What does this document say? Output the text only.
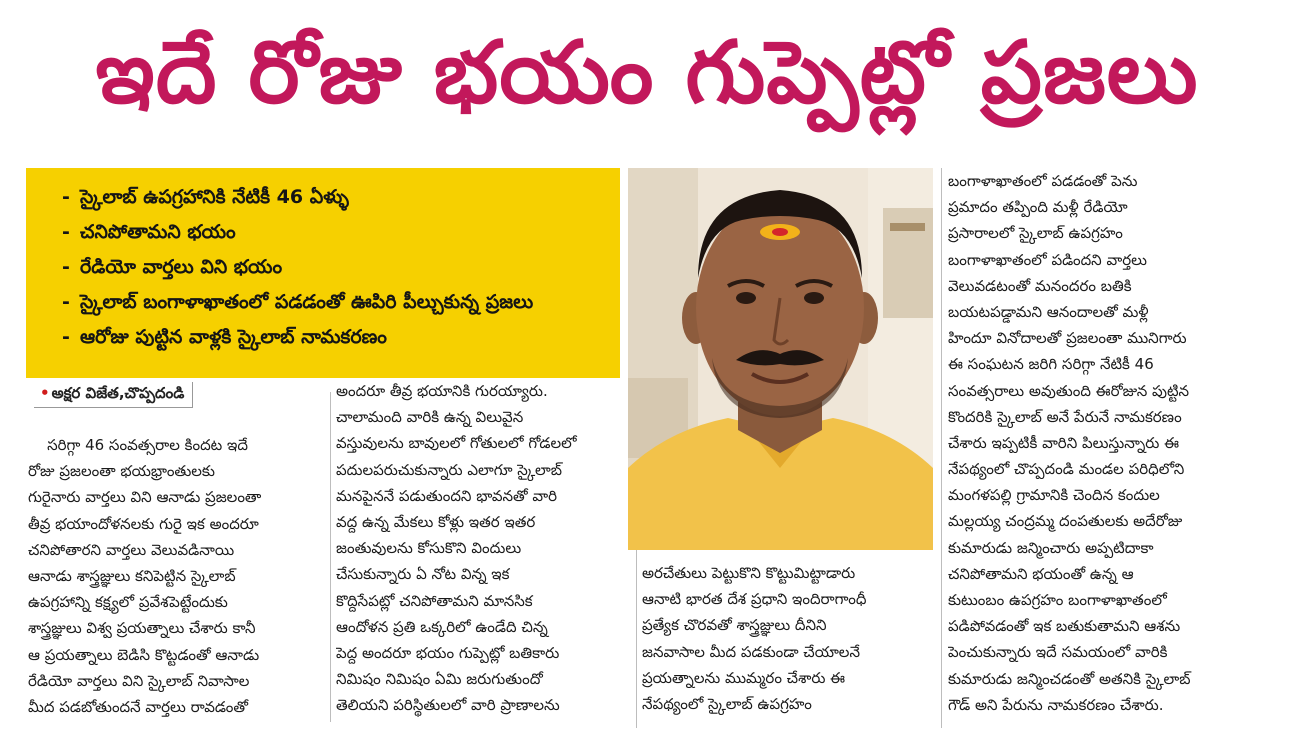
ఇదే రోజు భయం గుప్పెట్లో ప్రజలు
- స్కైలాబ్ ఉపగ్రహానికి నేటికీ 46 ఏళ్ళు
- చనిపోతామని భయం
- రేడియో వార్తలు విని భయం
- స్కైలాబ్ బంగాళాఖాతంలో పడడంతో ఊపిరి పీల్చుకున్న ప్రజలు
- ఆరోజు పుట్టిన వాళ్లకి స్కైలాబ్ నామకరణం
• అక్షర విజేత,చొప్పదండి

సరిగ్గా 46 సంవత్సరాల కిందట ఇదే

రోజు ప్రజలంతా భయభ్రాంతులకు

గురైనారు వార్తలు విని ఆనాడు ప్రజలంతా

తీవ్ర భయాందోళనలకు గురై ఇక అందరూ

చనిపోతారని వార్తలు వెలువడినాయి

ఆనాడు శాస్త్రజ్ఞులు కనిపెట్టిన స్కైలాబ్

ఉపగ్రహాన్ని కక్ష్యలో ప్రవేశపెట్టేందుకు

శాస్త్రజ్ఞులు విశ్వ ప్రయత్నాలు చేశారు కానీ

ఆ ప్రయత్నాలు బెడిసి కొట్టడంతో ఆనాడు

రేడియో వార్తలు విని స్కైలాబ్ నివాసాల

మీద పడబోతుందనే వార్తలు రావడంతో

అందరూ తీవ్ర భయానికి గురయ్యారు.

చాలామంది వారికి ఉన్న విలువైన

వస్తువులను బావులలో గోతులలో గోడలలో

పదులపరుచుకున్నారు ఎలాగూ స్కైలాబ్

మనపైననే పడుతుందని భావనతో వారి

వద్ద ఉన్న మేకలు కోళ్లు ఇతర ఇతర

జంతువులను కోసుకొని విందులు

చేసుకున్నారు ఏ నోట విన్న ఇక

కొద్దిసేపట్లో చనిపోతామని మానసిక

ఆందోళన ప్రతి ఒక్కరిలో ఉండేది చిన్న

పెద్ద అందరూ భయం గుప్పెట్లో బతికారు

నిమిషం నిమిషం ఏమి జరుగుతుందో

తెలియని పరిస్థితులలో వారి ప్రాణాలను

అరచేతులు పెట్టుకొని కొట్టుమిట్టాడారు

ఆనాటి భారత దేశ ప్రధాని ఇందిరాగాంధీ

ప్రత్యేక చొరవతో శాస్త్రజ్ఞులు దీనిని

జనవాసాల మీద పడకుండా చేయాలనే

ప్రయత్నాలను ముమ్మరం చేశారు ఈ

నేపథ్యంలో స్కైలాబ్ ఉపగ్రహం

బంగాళాఖాతంలో పడడంతో పెను

ప్రమాదం తప్పింది మళ్లీ రేడియో

ప్రసారాలలో స్కైలాబ్ ఉపగ్రహం

బంగాళాఖాతంలో పడిందని వార్తలు

వెలువడటంతో మనందరం బతికి

బయటపడ్డామని ఆనందాలతో మళ్లీ

హిందూ వినోదాలతో ప్రజలంతా మునిగారు

ఈ సంఘటన జరిగి సరిగ్గా నేటికీ 46

సంవత్సరాలు అవుతుంది ఈరోజున పుట్టిన

కొందరికి స్కైలాబ్ అనే పేరునే నామకరణం

చేశారు ఇప్పటికీ వారిని పిలుస్తున్నారు ఈ

నేపథ్యంలో చొప్పదండి మండల పరిధిలోని

మంగళపల్లి గ్రామానికి చెందిన కందుల

మల్లయ్య చంద్రమ్మ దంపతులకు అదేరోజు

కుమారుడు జన్మించారు అప్పటిదాకా

చనిపోతామని భయంతో ఉన్న ఆ

కుటుంబం ఉపగ్రహం బంగాళాఖాతంలో

పడిపోవడంతో ఇక బతుకుతామని ఆశను

పెంచుకున్నారు ఇదే సమయంలో వారికి

కుమారుడు జన్మించడంతో అతనికి స్కైలాబ్

గౌడ్ అని పేరును నామకరణం చేశారు.
